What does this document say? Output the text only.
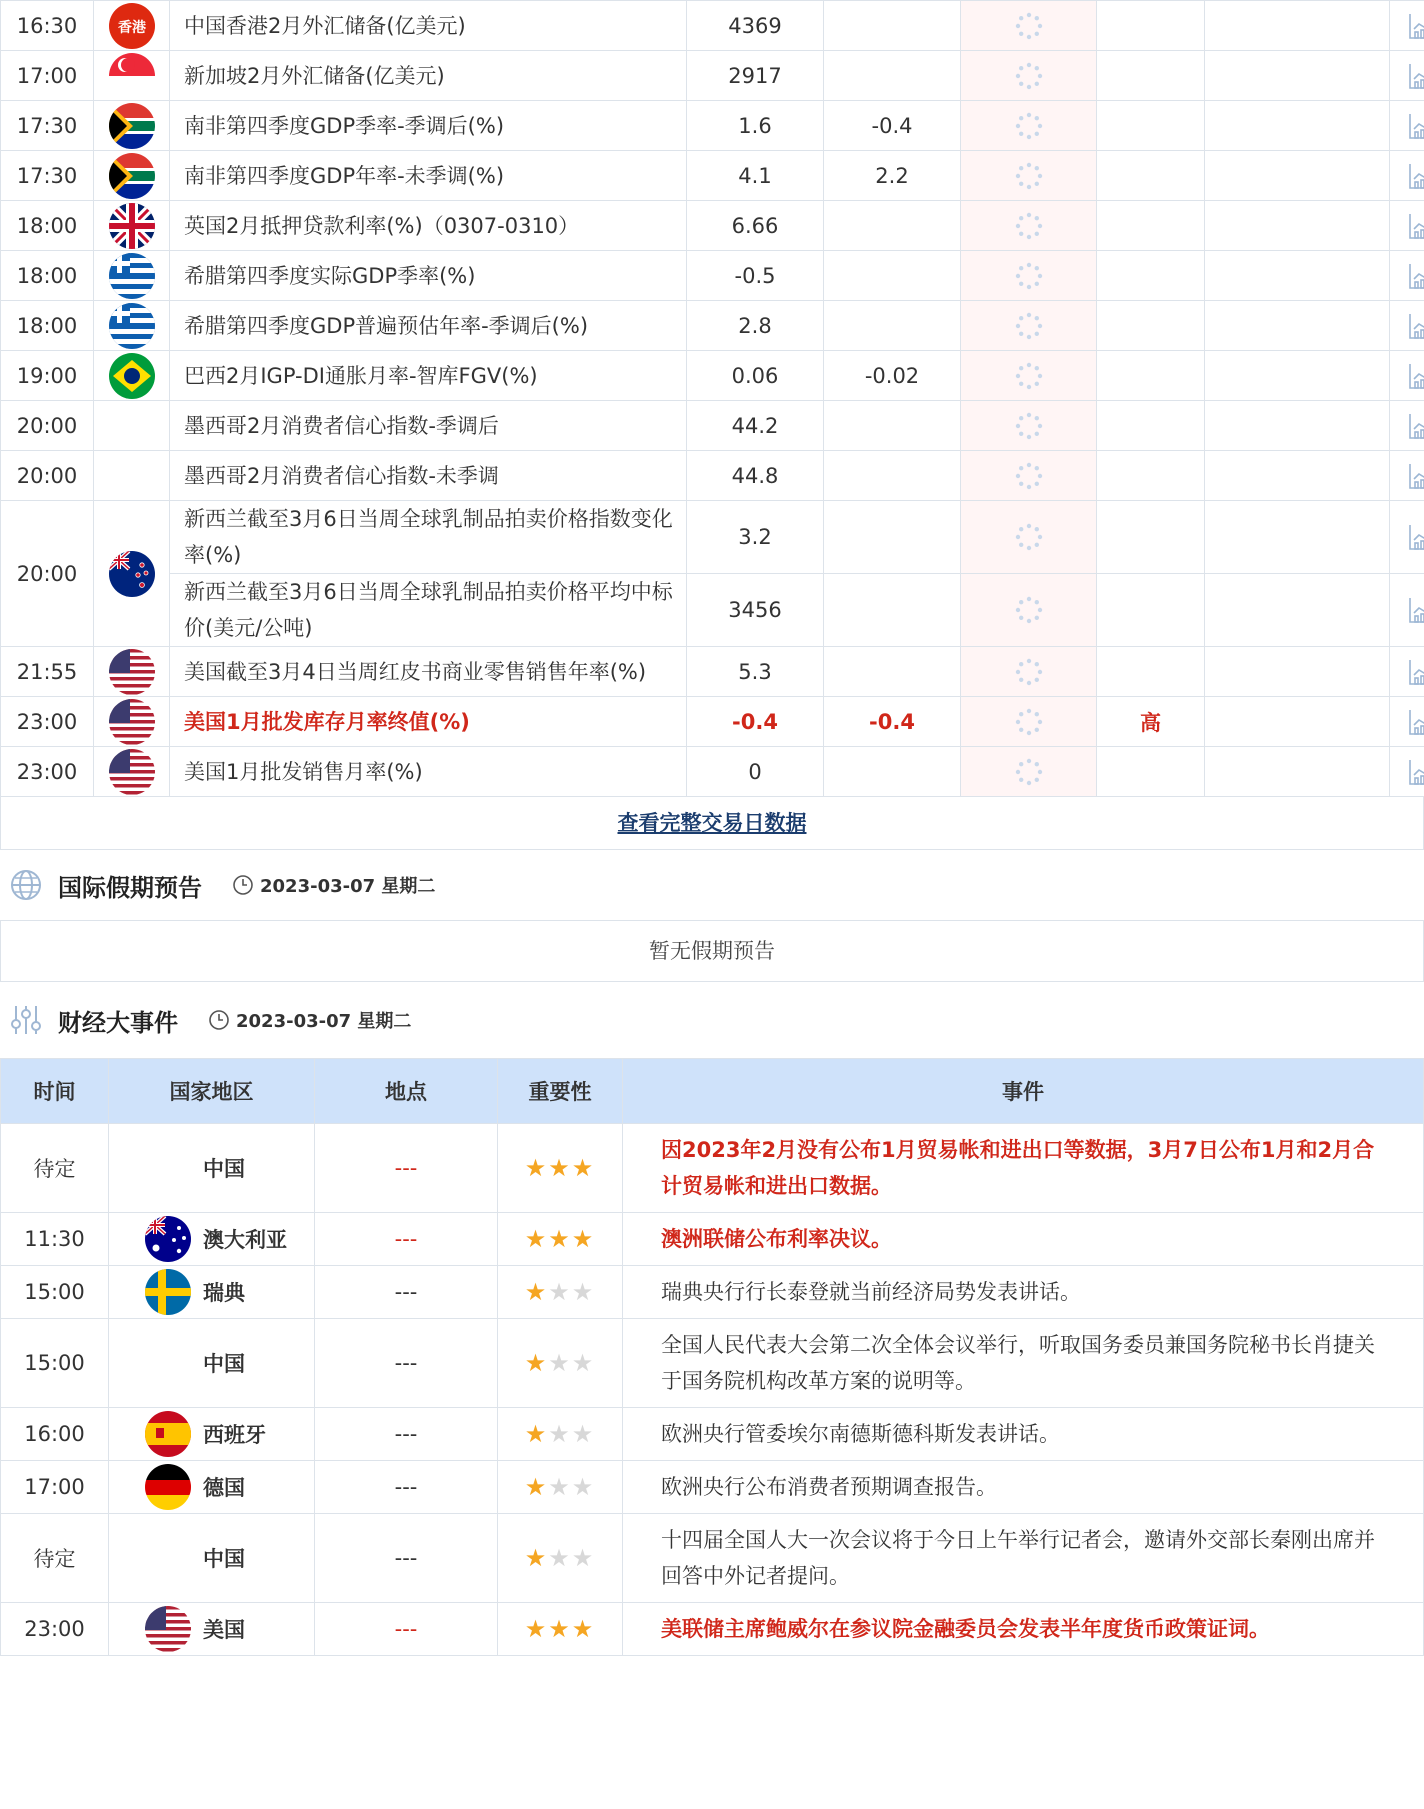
16:30	香港	中国香港2月外汇储备(亿美元)	4369					
17:00		新加坡2月外汇储备(亿美元)	2917					
17:30		南非第四季度GDP季率-季调后(%)	1.6	-0.4				
17:30		南非第四季度GDP年率-未季调(%)	4.1	2.2				
18:00		英国2月抵押贷款利率(%)（0307-0310）	6.66					
18:00		希腊第四季度实际GDP季率(%)	-0.5					
18:00		希腊第四季度GDP普遍预估年率-季调后(%)	2.8					
19:00		巴西2月IGP-DI通胀月率-智库FGV(%)	0.06	-0.02				
20:00		墨西哥2月消费者信心指数-季调后	44.2					
20:00		墨西哥2月消费者信心指数-未季调	44.8					
20:00		新西兰截至3月6日当周全球乳制品拍卖价格指数变化率(%)	3.2					
		新西兰截至3月6日当周全球乳制品拍卖价格平均中标价(美元/公吨)	3456					
21:55		美国截至3月4日当周红皮书商业零售销售年率(%)	5.3					
23:00		美国1月批发库存月率终值(%)	-0.4	-0.4		高		
23:00		美国1月批发销售月率(%)	0					
查看完整交易日数据
国际假期预告	2023-03-07 星期二
暂无假期预告
财经大事件	2023-03-07 星期二
时间	国家地区	地点	重要性	事件
待定	中国	---	★★★	因2023年2月没有公布1月贸易帐和进出口等数据，3月7日公布1月和2月合计贸易帐和进出口数据。
11:30	澳大利亚	---	★★★	澳洲联储公布利率决议。
15:00	瑞典	---	★★★	瑞典央行行长泰登就当前经济局势发表讲话。
15:00	中国	---	★★★	全国人民代表大会第二次全体会议举行，听取国务委员兼国务院秘书长肖捷关于国务院机构改革方案的说明等。
16:00	西班牙	---	★★★	欧洲央行管委埃尔南德斯德科斯发表讲话。
17:00	德国	---	★★★	欧洲央行公布消费者预期调查报告。
待定	中国	---	★★★	十四届全国人大一次会议将于今日上午举行记者会，邀请外交部长秦刚出席并回答中外记者提问。
23:00	美国	---	★★★	美联储主席鲍威尔在参议院金融委员会发表半年度货币政策证词。
